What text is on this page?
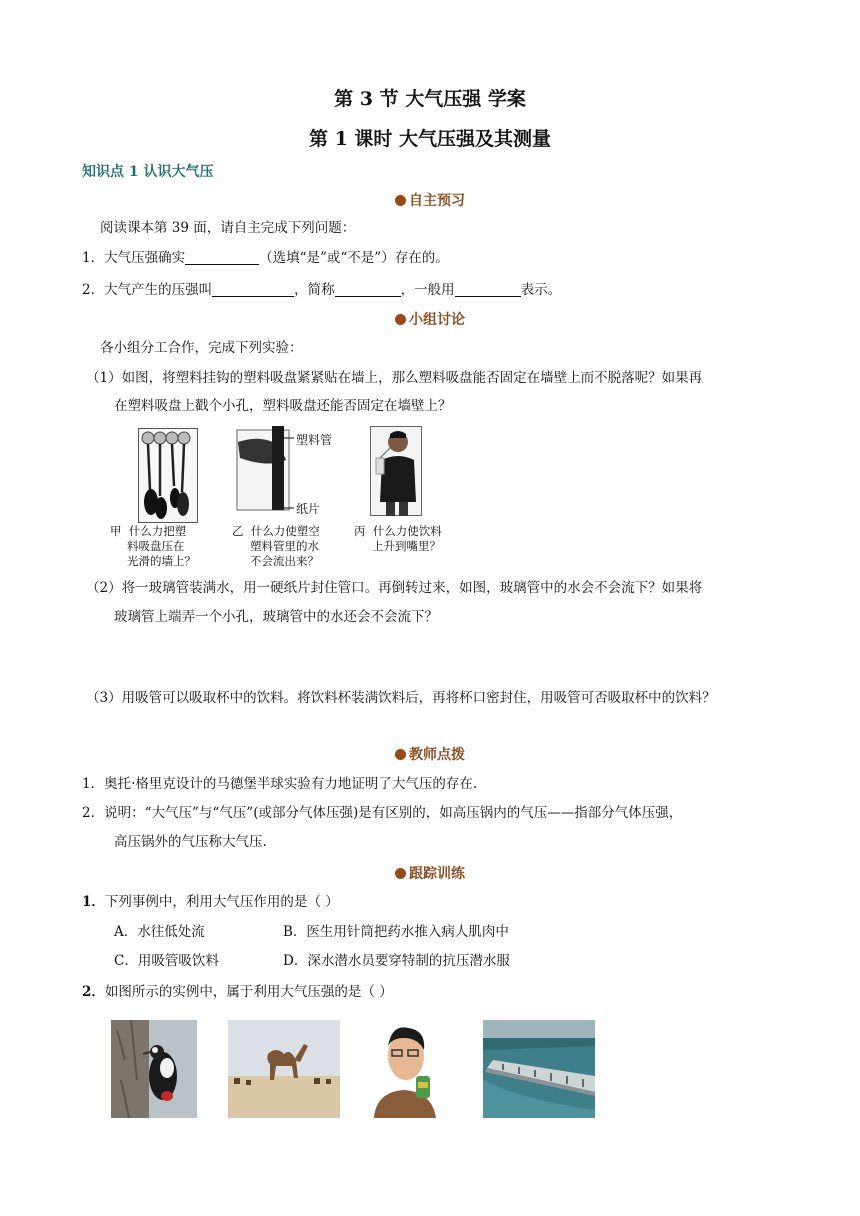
第 3 节 大气压强 学案
第 1 课时 大气压强及其测量
知识点 1 认识大气压
自主预习
阅读课本第 39 面，请自主完成下列问题：
1．大气压强确实	（选填“是”或“不是”）存在的。
2．大气产生的压强叫	，简称	，一般用	表示。
小组讨论
各小组分工合作，完成下列实验：
（1）如图，将塑料挂钩的塑料吸盘紧紧贴在墙上，那么塑料吸盘能否固定在墙壁上而不脱落呢？如果再
在塑料吸盘上戳个小孔，塑料吸盘还能否固定在墙壁上？
塑料管
纸片
甲 什么力把塑
料吸盘压在
光滑的墙上？
乙 什么力使塑空
塑料管里的水
不会流出来？
丙 什么力使饮料
上升到嘴里？
（2）将一玻璃管装满水，用一硬纸片封住管口。再倒转过来，如图，玻璃管中的水会不会流下？如果将
玻璃管上端弄一个小孔，玻璃管中的水还会不会流下？
（3）用吸管可以吸取杯中的饮料。将饮料杯装满饮料后，再将杯口密封住，用吸管可否吸取杯中的饮料？
教师点拨
1．奥托·格里克设计的马德堡半球实验有力地证明了大气压的存在.
2．说明：“大气压”与“气压”(或部分气体压强)是有区别的，如高压锅内的气压——指部分气体压强，
高压锅外的气压称大气压.
跟踪训练
1．下列事例中，利用大气压作用的是（ ）
A．水往低处流	B．医生用针筒把药水推入病人肌肉中
C．用吸管吸饮料	D．深水潜水员要穿特制的抗压潜水服
2．如图所示的实例中，属于利用大气压强的是（ ）
